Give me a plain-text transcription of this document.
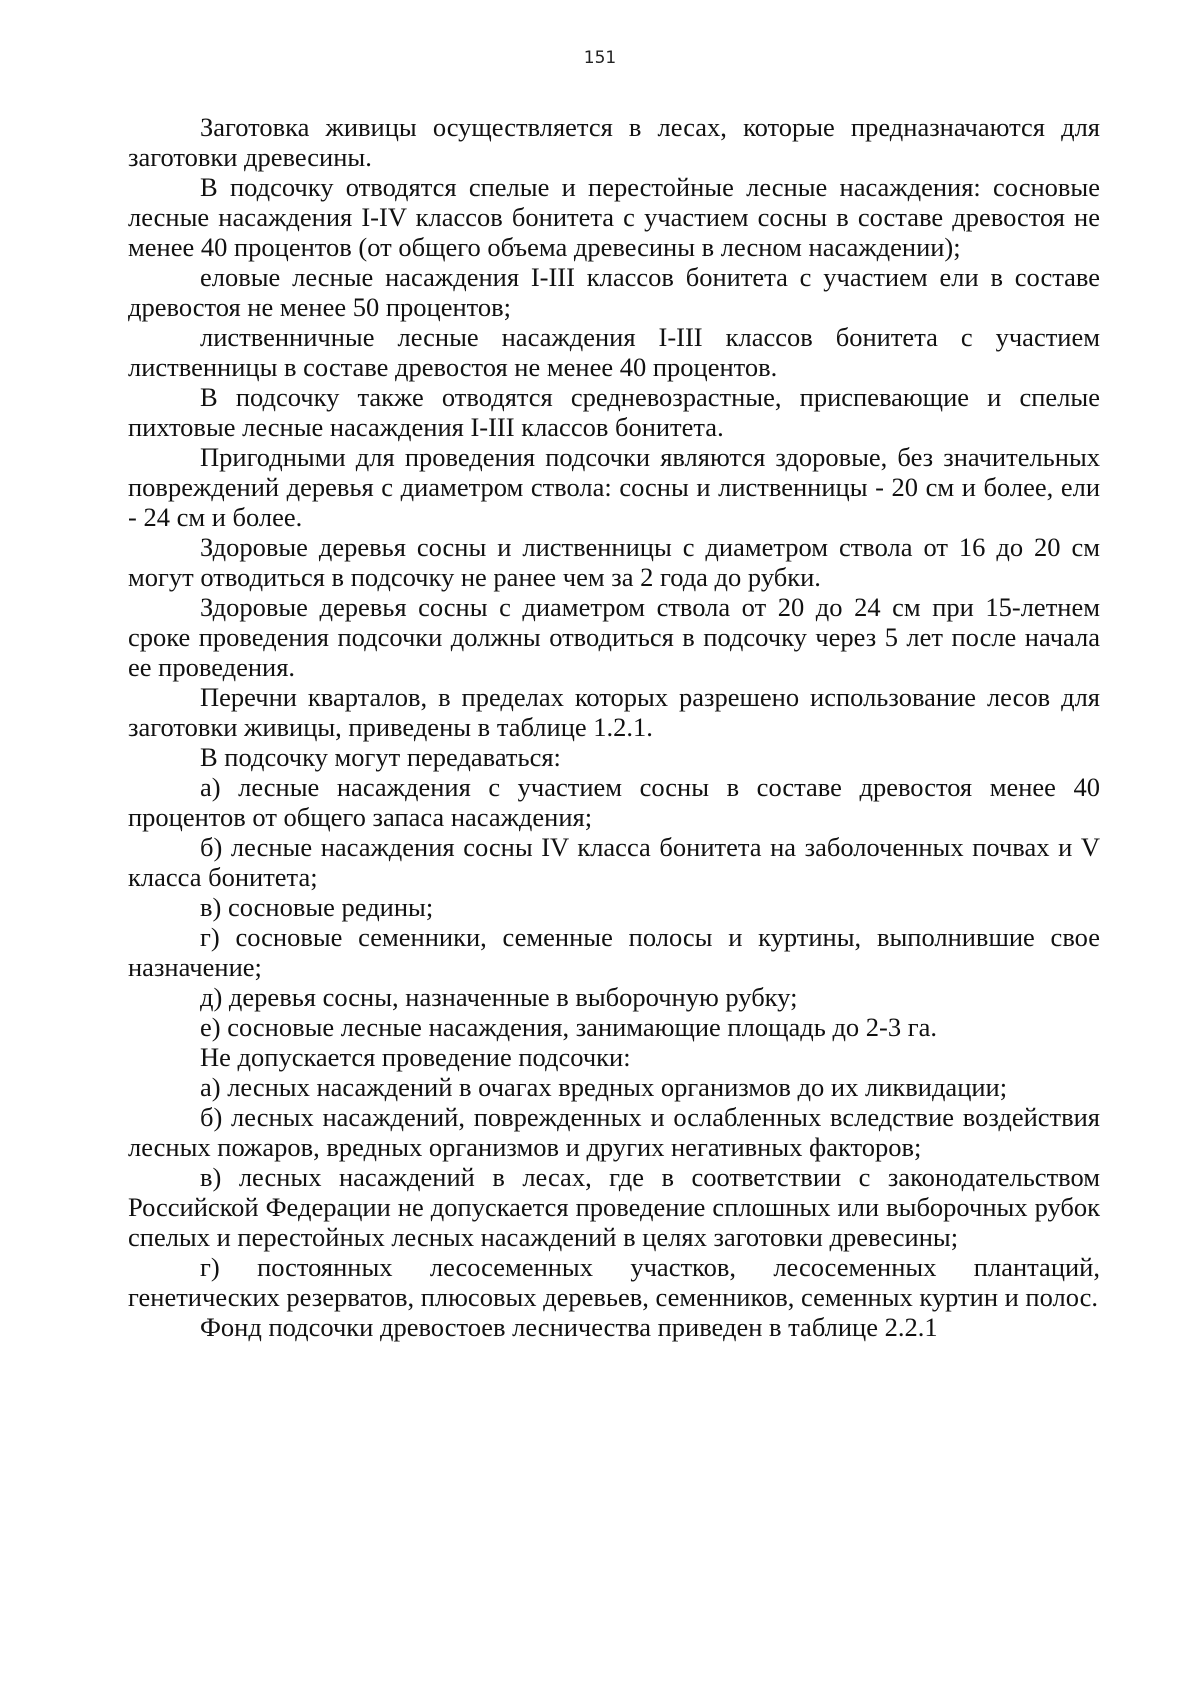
151

Заготовка живицы осуществляется в лесах, которые предназначаются для заготовки древесины.

В подсочку отводятся спелые и перестойные лесные насаждения: сосновые лесные насаждения I-IV классов бонитета с участием сосны в составе древостоя не менее 40 процентов (от общего объема древесины в лесном насаждении);

еловые лесные насаждения I-III классов бонитета с участием ели в составе древостоя не менее 50 процентов;

лиственничные лесные насаждения I-III классов бонитета с участием лиственницы в составе древостоя не менее 40 процентов.

В подсочку также отводятся средневозрастные, приспевающие и спелые пихтовые лесные насаждения I-III классов бонитета.

Пригодными для проведения подсочки являются здоровые, без значительных повреждений деревья с диаметром ствола: сосны и лиственницы - 20 см и более, ели - 24 см и более.

Здоровые деревья сосны и лиственницы с диаметром ствола от 16 до 20 см могут отводиться в подсочку не ранее чем за 2 года до рубки.

Здоровые деревья сосны с диаметром ствола от 20 до 24 см при 15-летнем сроке проведения подсочки должны отводиться в подсочку через 5 лет после начала ее проведения.

Перечни кварталов, в пределах которых разрешено использование лесов для заготовки живицы, приведены в таблице 1.2.1.

В подсочку могут передаваться:

а) лесные насаждения с участием сосны в составе древостоя менее 40 процентов от общего запаса насаждения;

б) лесные насаждения сосны IV класса бонитета на заболоченных почвах и V класса бонитета;

в) сосновые редины;

г) сосновые семенники, семенные полосы и куртины, выполнившие свое назначение;

д) деревья сосны, назначенные в выборочную рубку;

е) сосновые лесные насаждения, занимающие площадь до 2-3 га.

Не допускается проведение подсочки:

а) лесных насаждений в очагах вредных организмов до их ликвидации;

б) лесных насаждений, поврежденных и ослабленных вследствие воздействия лесных пожаров, вредных организмов и других негативных факторов;

в) лесных насаждений в лесах, где в соответствии с законодательством Российской Федерации не допускается проведение сплошных или выборочных рубок спелых и перестойных лесных насаждений в целях заготовки древесины;

г) постоянных лесосеменных участков, лесосеменных плантаций, генетических резерватов, плюсовых деревьев, семенников, семенных куртин и полос.

Фонд подсочки древостоев лесничества приведен в таблице 2.2.1
